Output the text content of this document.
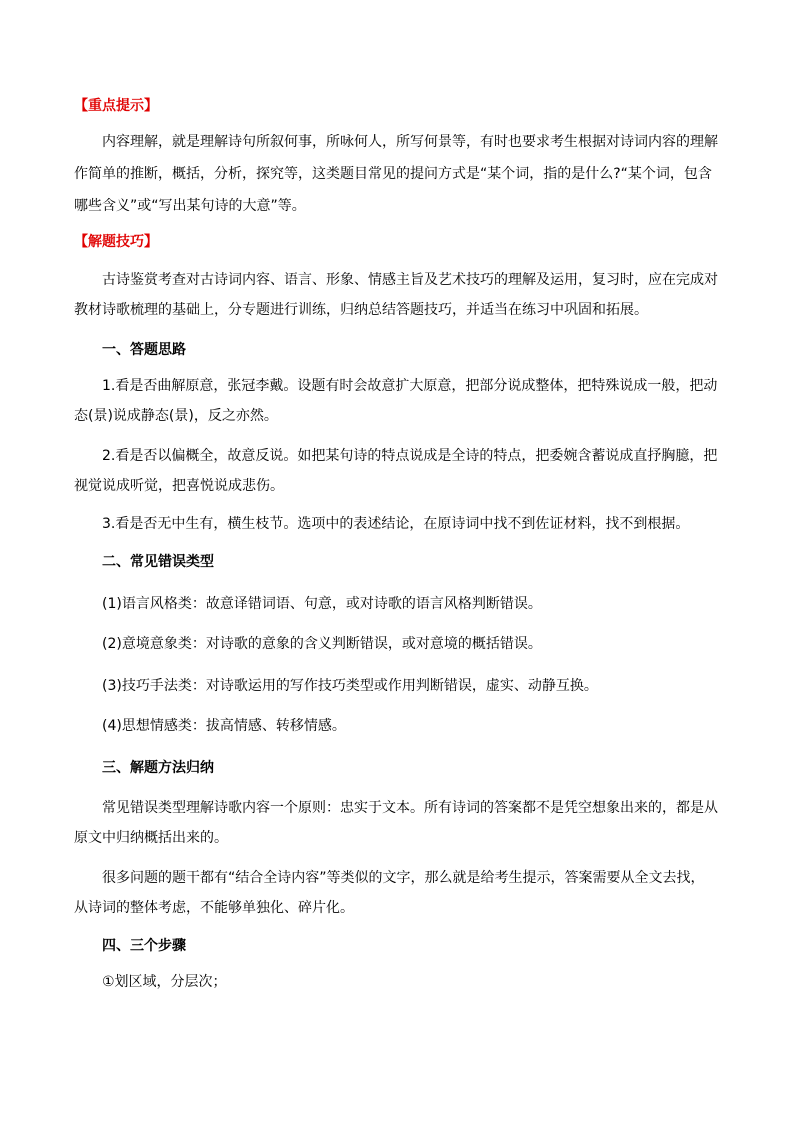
【重点提示】
内容理解，就是理解诗句所叙何事，所咏何人，所写何景等，有时也要求考生根据对诗词内容的理解
作简单的推断，概括，分析，探究等，这类题目常见的提问方式是“某个词，指的是什么?“某个词，包含
哪些含义”或“写出某句诗的大意”等。
【解题技巧】
古诗鉴赏考查对古诗词内容、语言、形象、情感主旨及艺术技巧的理解及运用，复习时，应在完成对
教材诗歌梳理的基础上，分专题进行训练，归纳总结答题技巧，并适当在练习中巩固和拓展。
一、答题思路
1.看是否曲解原意，张冠李戴。设题有时会故意扩大原意，把部分说成整体，把特殊说成一般，把动
态(景)说成静态(景)，反之亦然。
2.看是否以偏概全，故意反说。如把某句诗的特点说成是全诗的特点，把委婉含蓄说成直抒胸臆，把
视觉说成听觉，把喜悦说成悲伤。
3.看是否无中生有，横生枝节。选项中的表述结论，在原诗词中找不到佐证材料，找不到根据。
二、常见错误类型
(1)语言风格类：故意译错词语、句意，或对诗歌的语言风格判断错误。
(2)意境意象类：对诗歌的意象的含义判断错误，或对意境的概括错误。
(3)技巧手法类：对诗歌运用的写作技巧类型或作用判断错误，虚实、动静互换。
(4)思想情感类：拔高情感、转移情感。
三、解题方法归纳
常见错误类型理解诗歌内容一个原则：忠实于文本。所有诗词的答案都不是凭空想象出来的，都是从
原文中归纳概括出来的。
很多问题的题干都有“结合全诗内容”等类似的文字，那么就是给考生提示，答案需要从全文去找，
从诗词的整体考虑，不能够单独化、碎片化。
四、三个步骤
①划区域，分层次；
